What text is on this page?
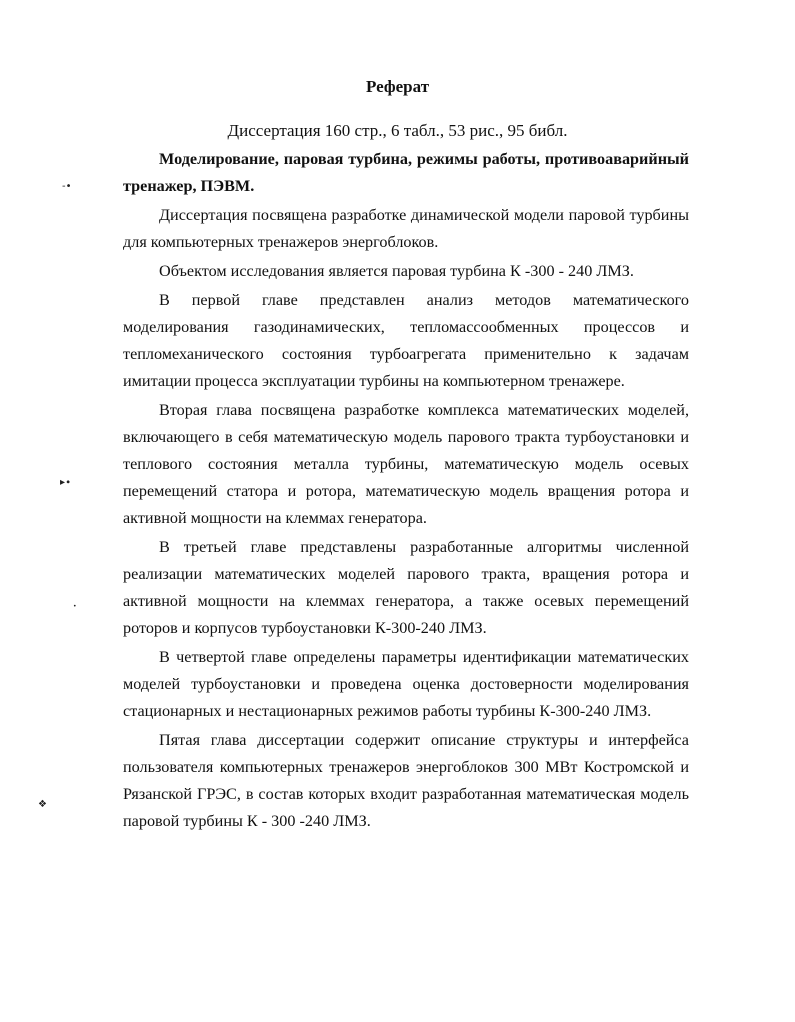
Реферат
Диссертация 160 стр., 6 табл., 53 рис., 95 библ.

Моделирование, паровая турбина, режимы работы, противоаварийный тренажер, ПЭВМ.

Диссертация посвящена разработке динамической модели паровой турбины для компьютерных тренажеров энергоблоков.

Объектом исследования является паровая турбина К -300 - 240 ЛМЗ.

В первой главе представлен анализ методов математического моделирования газодинамических, тепломассообменных процессов и тепломеханического состояния турбоагрегата применительно к задачам имитации процесса эксплуатации турбины на компьютерном тренажере.

Вторая глава посвящена разработке комплекса математических моделей, включающего в себя математическую модель парового тракта турбоустановки и теплового состояния металла турбины, математическую модель осевых перемещений статора и ротора, математическую модель вращения ротора и активной мощности на клеммах генератора.

В третьей главе представлены разработанные алгоритмы численной реализации математических моделей парового тракта, вращения ротора и активной мощности на клеммах генератора, а также осевых перемещений роторов и корпусов турбоустановки К-300-240 ЛМЗ.

В четвертой главе определены параметры идентификации математических моделей турбоустановки и проведена оценка достоверности моделирования стационарных и нестационарных режимов работы турбины К-300-240 ЛМЗ.

Пятая глава диссертации содержит описание структуры и интерфейса пользователя компьютерных тренажеров энергоблоков 300 МВт Костромской и Рязанской ГРЭС, в состав которых входит разработанная математическая модель паровой турбины К - 300 -240 ЛМЗ.

-•
▸∙
•
❖
